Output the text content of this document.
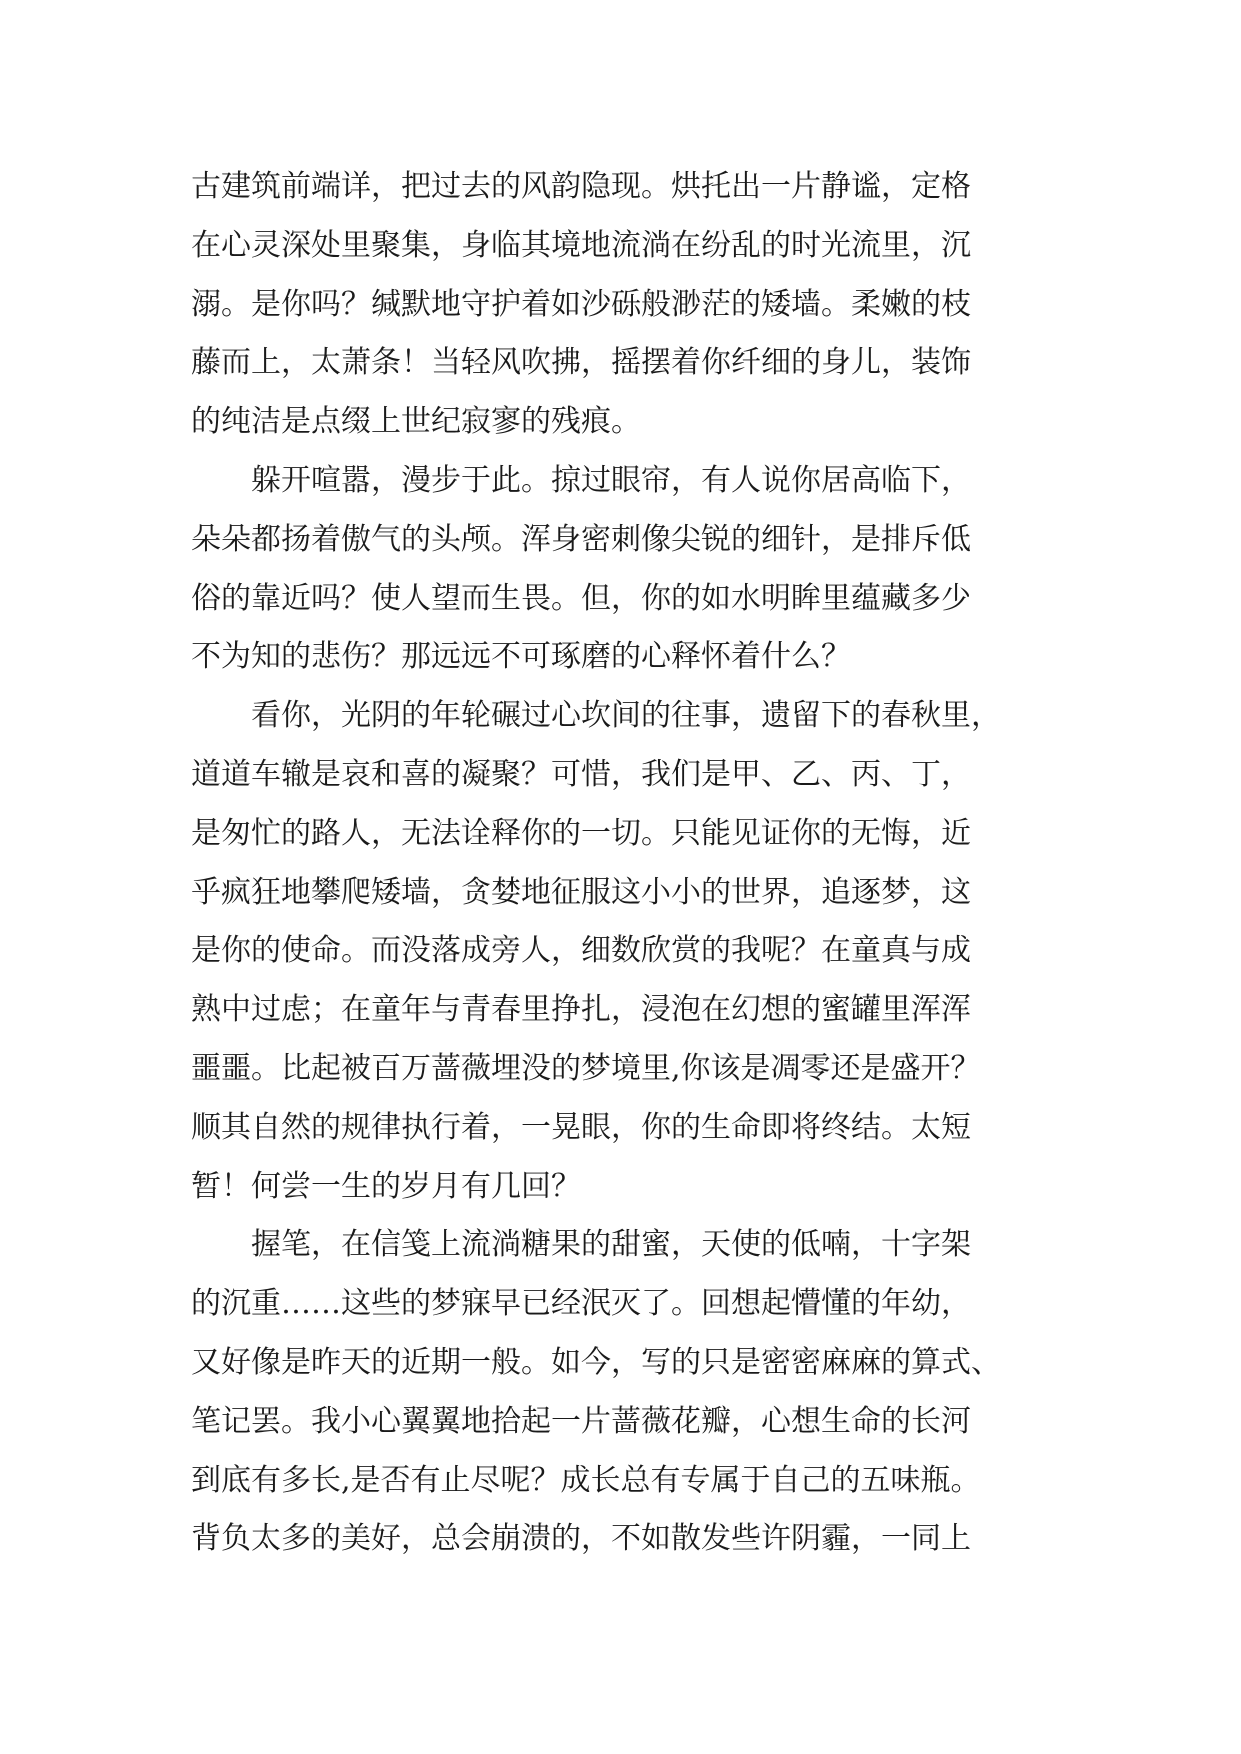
古建筑前端详，把过去的风韵隐现。烘托出一片静谧，定格
在心灵深处里聚集，身临其境地流淌在纷乱的时光流里，沉
溺。是你吗？缄默地守护着如沙砾般渺茫的矮墙。柔嫩的枝
藤而上，太萧条！当轻风吹拂，摇摆着你纤细的身儿，装饰
的纯洁是点缀上世纪寂寥的残痕。
躲开喧嚣，漫步于此。掠过眼帘，有人说你居高临下，
朵朵都扬着傲气的头颅。浑身密刺像尖锐的细针，是排斥低
俗的靠近吗？使人望而生畏。但，你的如水明眸里蕴藏多少
不为知的悲伤？那远远不可琢磨的心释怀着什么？
看你，光阴的年轮碾过心坎间的往事，遗留下的春秋里，
道道车辙是哀和喜的凝聚？可惜，我们是甲、乙、丙、丁，
是匆忙的路人，无法诠释你的一切。只能见证你的无悔，近
乎疯狂地攀爬矮墙，贪婪地征服这小小的世界，追逐梦，这
是你的使命。而没落成旁人，细数欣赏的我呢？在童真与成
熟中过虑；在童年与青春里挣扎，浸泡在幻想的蜜罐里浑浑
噩噩。比起被百万蔷薇埋没的梦境里,你该是凋零还是盛开？
顺其自然的规律执行着，一晃眼，你的生命即将终结。太短
暂！何尝一生的岁月有几回？
握笔，在信笺上流淌糖果的甜蜜，天使的低喃，十字架
的沉重……这些的梦寐早已经泯灭了。回想起懵懂的年幼，
又好像是昨天的近期一般。如今，写的只是密密麻麻的算式、
笔记罢。我小心翼翼地拾起一片蔷薇花瓣，心想生命的长河
到底有多长,是否有止尽呢？成长总有专属于自己的五味瓶。
背负太多的美好，总会崩溃的，不如散发些许阴霾，一同上
